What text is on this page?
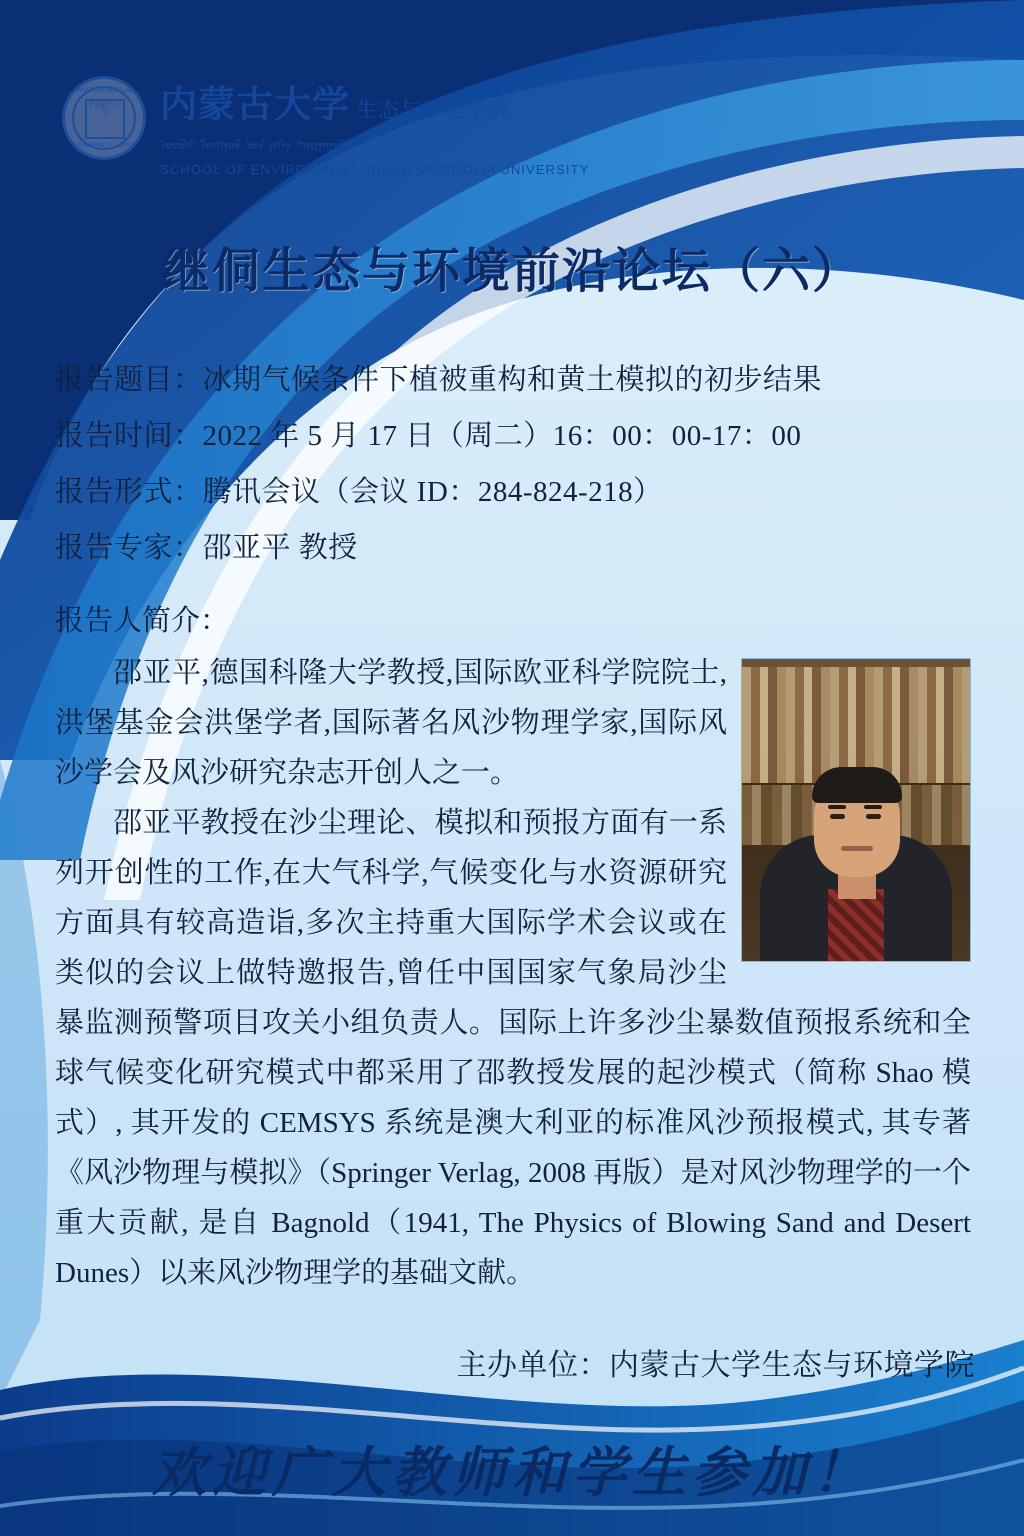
INNER MONGOLIA
内蒙古大学
UNIVERSITY · 1957
内蒙古大学 生态与环境学院
ᠦᠪᠦᠷ ᠮᠣᠩᠭᠣᠯ ᠤᠨ ᠶᠡᠬᠡ ᠰᠤᠷᠭᠠᠭᠤᠯᠢ
SCHOOL OF ENVIRONMENT, INNER MONGOLIA UNIVERSITY
继侗生态与环境前沿论坛（六）
报告题目：冰期气候条件下植被重构和黄土模拟的初步结果
报告时间：2022 年 5 月 17 日（周二）16：00：00-17：00
报告形式：腾讯会议（会议 ID：284-824-218）
报告专家：邵亚平 教授
报告人简介：

邵亚平,德国科隆大学教授,国际欧亚科学院院士,洪堡基金会洪堡学者,国际著名风沙物理学家,国际风沙学会及风沙研究杂志开创人之一。

邵亚平教授在沙尘理论、模拟和预报方面有一系列开创性的工作,在大气科学,气候变化与水资源研究方面具有较高造诣,多次主持重大国际学术会议或在类似的会议上做特邀报告,曾任中国国家气象局沙尘暴监测预警项目攻关小组负责人。国际上许多沙尘暴数值预报系统和全球气候变化研究模式中都采用了邵教授发展的起沙模式（简称 Shao 模式）, 其开发的 CEMSYS 系统是澳大利亚的标准风沙预报模式, 其专著《风沙物理与模拟》（Springer Verlag, 2008 再版）是对风沙物理学的一个重大贡献, 是自 Bagnold（1941, The Physics of Blowing Sand and Desert Dunes）以来风沙物理学的基础文献。

主办单位：内蒙古大学生态与环境学院
欢迎广大教师和学生参加！
